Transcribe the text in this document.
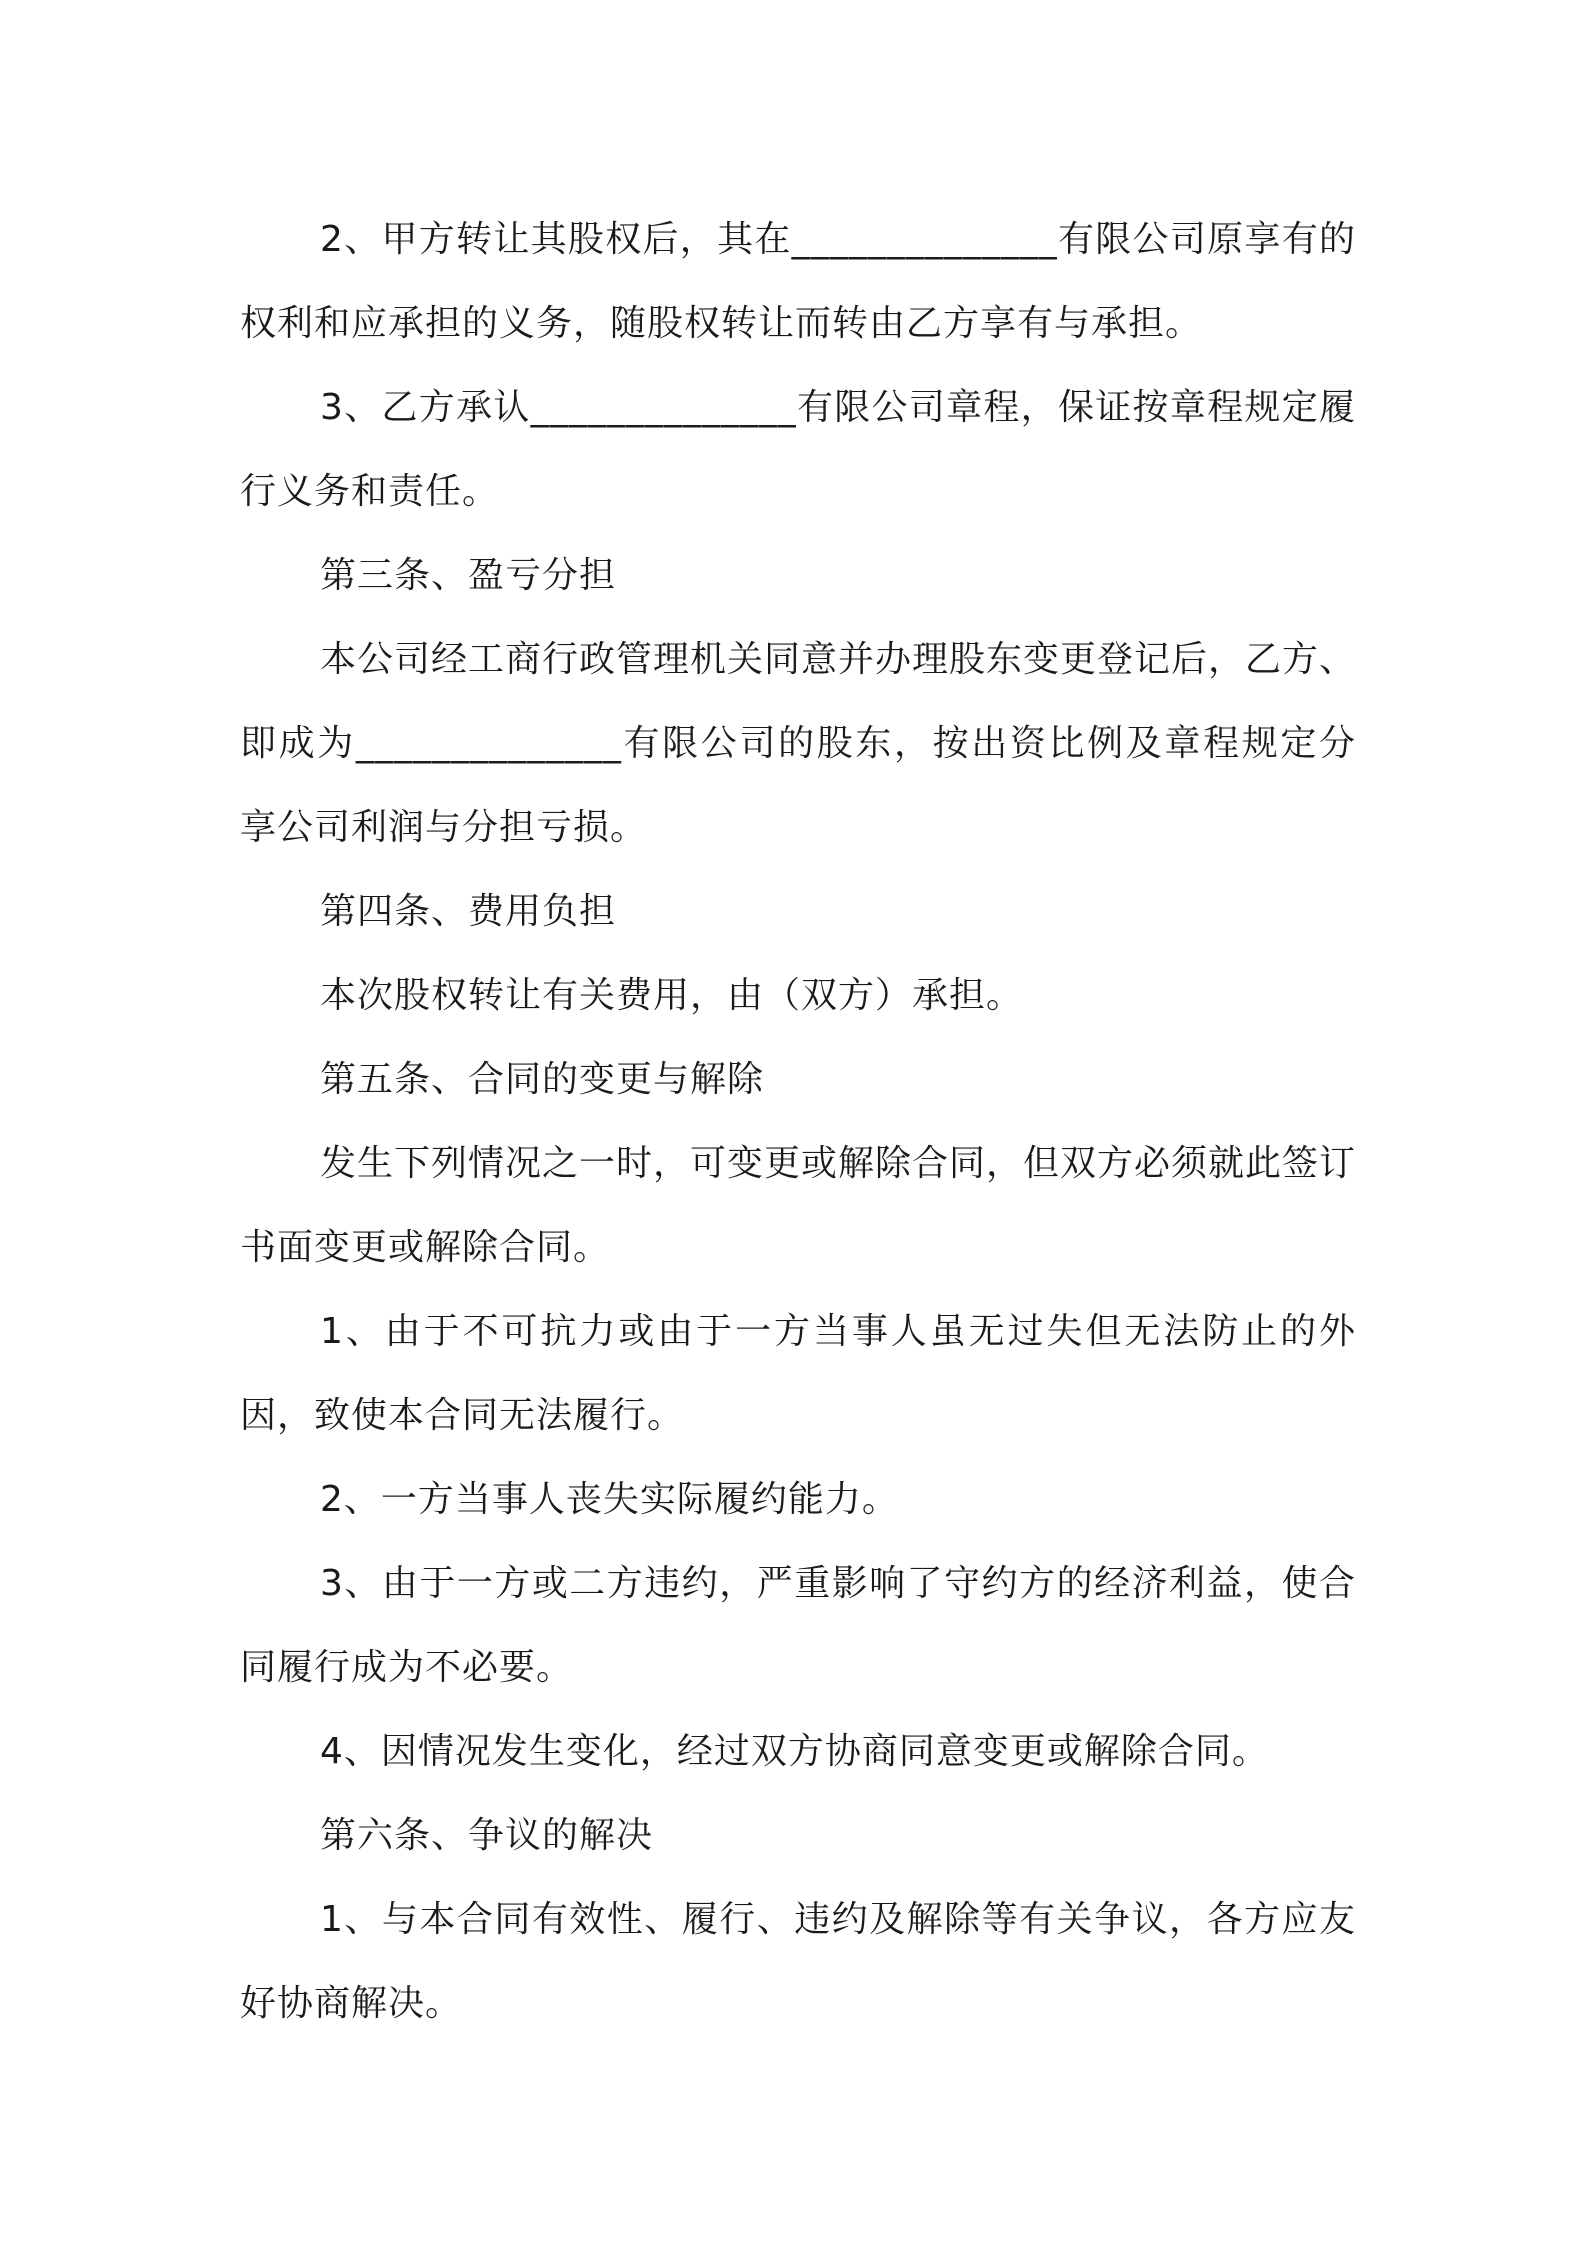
2、甲方转让其股权后，其在______________有限公司原享有的权利和应承担的义务，随股权转让而转由乙方享有与承担。

3、乙方承认______________有限公司章程，保证按章程规定履行义务和责任。

第三条、盈亏分担

本公司经工商行政管理机关同意并办理股东变更登记后，乙方、即成为______________有限公司的股东，按出资比例及章程规定分享公司利润与分担亏损。

第四条、费用负担

本次股权转让有关费用，由（双方）承担。

第五条、合同的变更与解除

发生下列情况之一时，可变更或解除合同，但双方必须就此签订书面变更或解除合同。

1、由于不可抗力或由于一方当事人虽无过失但无法防止的外因，致使本合同无法履行。

2、一方当事人丧失实际履约能力。

3、由于一方或二方违约，严重影响了守约方的经济利益，使合同履行成为不必要。

4、因情况发生变化，经过双方协商同意变更或解除合同。

第六条、争议的解决

1、与本合同有效性、履行、违约及解除等有关争议，各方应友好协商解决。
